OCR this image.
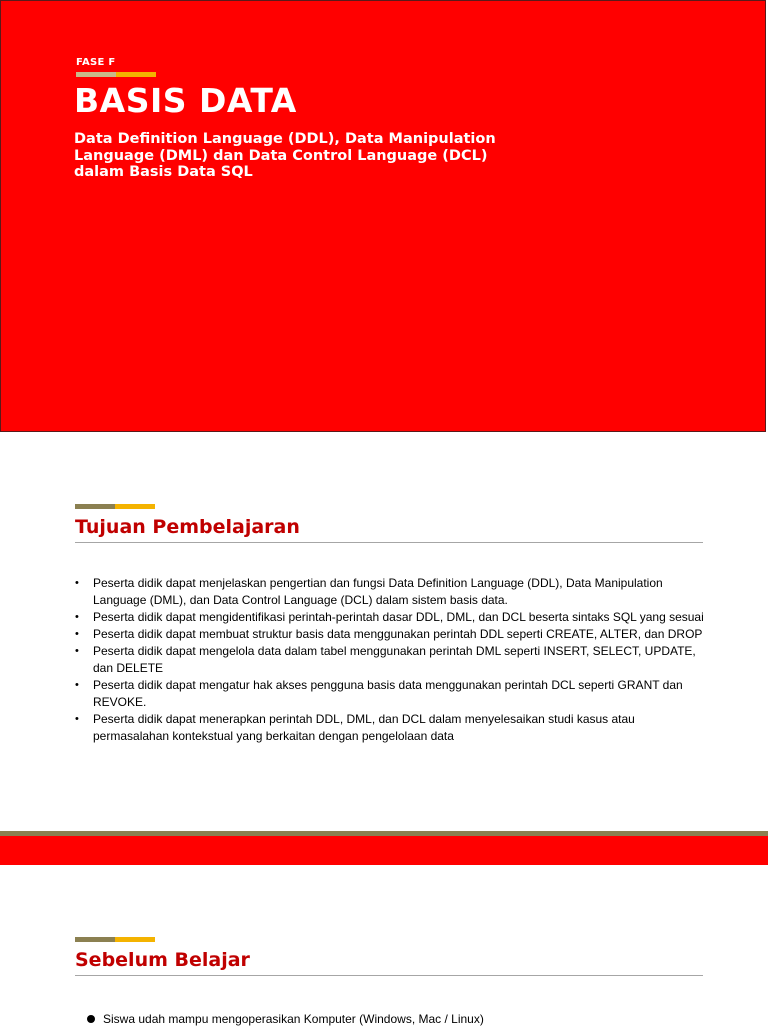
FASE F
BASIS DATA
Data Definition Language (DDL), Data Manipulation Language (DML) dan Data Control Language (DCL) dalam Basis Data SQL
Tujuan Pembelajaran
• Peserta didik dapat menjelaskan pengertian dan fungsi Data Definition Language (DDL), Data Manipulation Language (DML), dan Data Control Language (DCL) dalam sistem basis data.
• Peserta didik dapat mengidentifikasi perintah-perintah dasar DDL, DML, dan DCL beserta sintaks SQL yang sesuai
• Peserta didik dapat membuat struktur basis data menggunakan perintah DDL seperti CREATE, ALTER, dan DROP
• Peserta didik dapat mengelola data dalam tabel menggunakan perintah DML seperti INSERT, SELECT, UPDATE, dan DELETE
• Peserta didik dapat mengatur hak akses pengguna basis data menggunakan perintah DCL seperti GRANT dan REVOKE.
• Peserta didik dapat menerapkan perintah DDL, DML, dan DCL dalam menyelesaikan studi kasus atau permasalahan kontekstual yang berkaitan dengan pengelolaan data
Sebelum Belajar
Siswa udah mampu mengoperasikan Komputer (Windows, Mac / Linux)
